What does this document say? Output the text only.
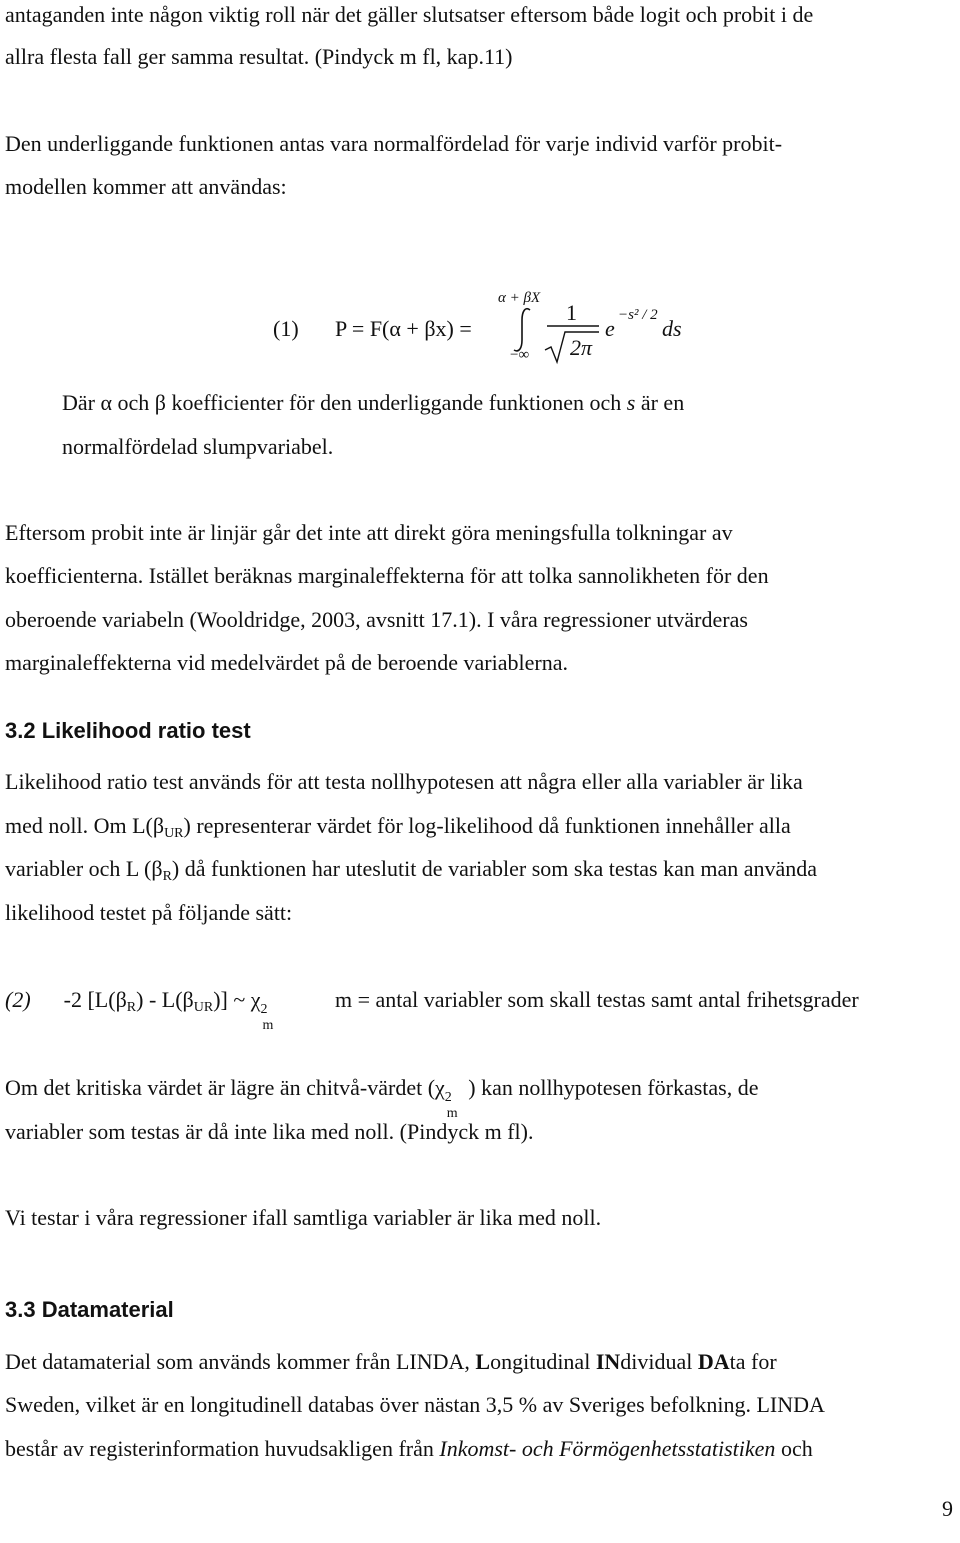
antaganden inte någon viktig roll när det gäller slutsatser eftersom både logit och probit i de
allra flesta fall ger samma resultat. (Pindyck m fl, kap.11)
Den underliggande funktionen antas vara normalfördelad för varje individ varför probit-
modellen kommer att användas:
(1) P = F(α + βx) =
α + βX
−∞
1
2π
e
−s² / 2
ds
Där α och β koefficienter för den underliggande funktionen och s är en
normalfördelad slumpvariabel.
Eftersom probit inte är linjär går det inte att direkt göra meningsfulla tolkningar av
koefficienterna. Istället beräknas marginaleffekterna för att tolka sannolikheten för den
oberoende variabeln (Wooldridge, 2003, avsnitt 17.1). I våra regressioner utvärderas
marginaleffekterna vid medelvärdet på de beroende variablerna.
3.2 Likelihood ratio test
Likelihood ratio test används för att testa nollhypotesen att några eller alla variabler är lika
med noll. Om $L(\beta_{UR})$ representerar värdet för log-likelihood då funktionen innehåller alla
variabler och L $(\beta_R)$ då funktionen har uteslutit de variabler som ska testas kan man använda
likelihood testet på följande sätt:
(2) -2 $[L(\beta_R) - L(\beta_{UR})]$ ~ χ 2
m
m = antal variabler som skall testas samt antal frihetsgrader
Om det kritiska värdet är lägre än chitvå-värdet (χ 2
m
) kan nollhypotesen förkastas, de
variabler som testas är då inte lika med noll. (Pindyck m fl).
Vi testar i våra regressioner ifall samtliga variabler är lika med noll.
3.3 Datamaterial
Det datamaterial som används kommer från LINDA, Longitudinal INdividual DAta for
Sweden, vilket är en longitudinell databas över nästan 3,5 % av Sveriges befolkning. LINDA
består av registerinformation huvudsakligen från Inkomst- och Förmögenhetsstatistiken och
9
